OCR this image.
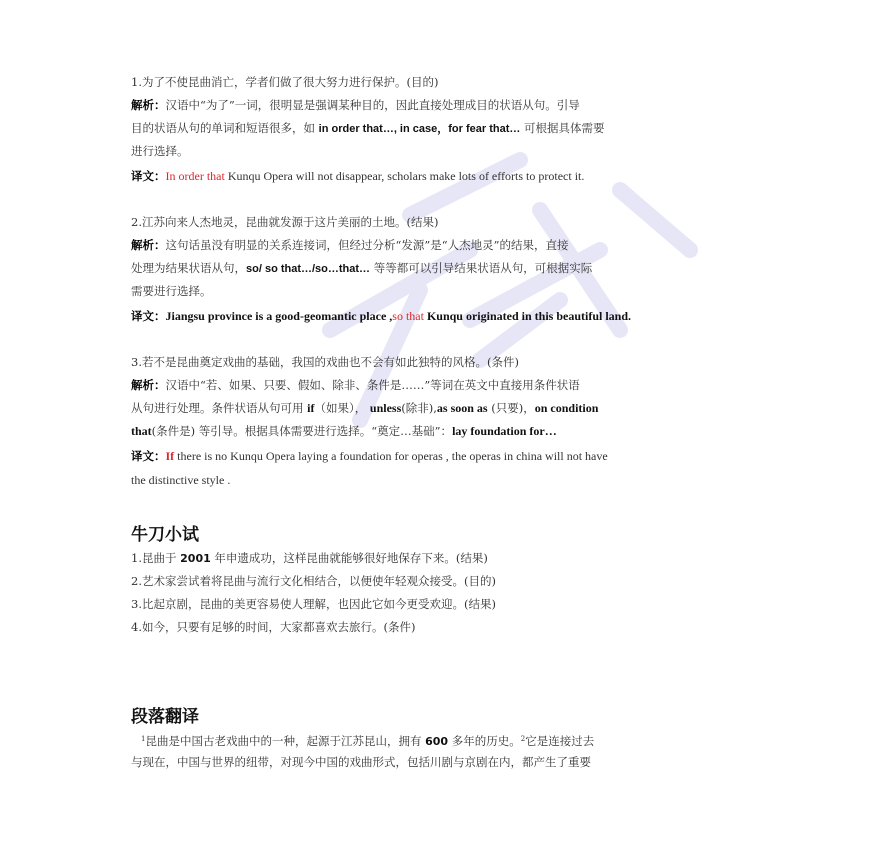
1.为了不使昆曲消亡，学者们做了很大努力进行保护。(目的)
解析：汉语中“为了”一词，很明显是强调某种目的，因此直接处理成目的状语从句。引导
目的状语从句的单词和短语很多，如 in order that…, in case，for fear that… 可根据具体需要
进行选择。
译文：In order that Kunqu Opera will not disappear, scholars make lots of efforts to protect it.
2.江苏向来人杰地灵，昆曲就发源于这片美丽的土地。(结果)
解析：这句话虽没有明显的关系连接词，但经过分析“发源”是“人杰地灵”的结果，直接
处理为结果状语从句，so/ so that…/so…that… 等等都可以引导结果状语从句，可根据实际
需要进行选择。
译文：Jiangsu province is a good-geomantic place ,so that Kunqu originated in this beautiful land.
3.若不是昆曲奠定戏曲的基础，我国的戏曲也不会有如此独特的风格。(条件)
解析：汉语中“若、如果、只要、假如、除非、条件是……”等词在英文中直接用条件状语
从句进行处理。条件状语从句可用 if（如果）， unless(除非),as soon as (只要)，on condition
that(条件是) 等引导。根据具体需要进行选择。“奠定…基础”：lay foundation for…
译文：If there is no Kunqu Opera laying a foundation for operas , the operas in china will not have
the distinctive style .
牛刀小试
1.昆曲于 2001 年申遗成功，这样昆曲就能够很好地保存下来。(结果)
2.艺术家尝试着将昆曲与流行文化相结合，以便使年轻观众接受。(目的)
3.比起京剧，昆曲的美更容易使人理解，也因此它如今更受欢迎。(结果)
4.如今，只要有足够的时间，大家都喜欢去旅行。(条件)
段落翻译
$^1$昆曲是中国古老戏曲中的一种，起源于江苏昆山，拥有 600 多年的历史。$^2$它是连接过去
与现在，中国与世界的纽带，对现今中国的戏曲形式，包括川剧与京剧在内，都产生了重要
